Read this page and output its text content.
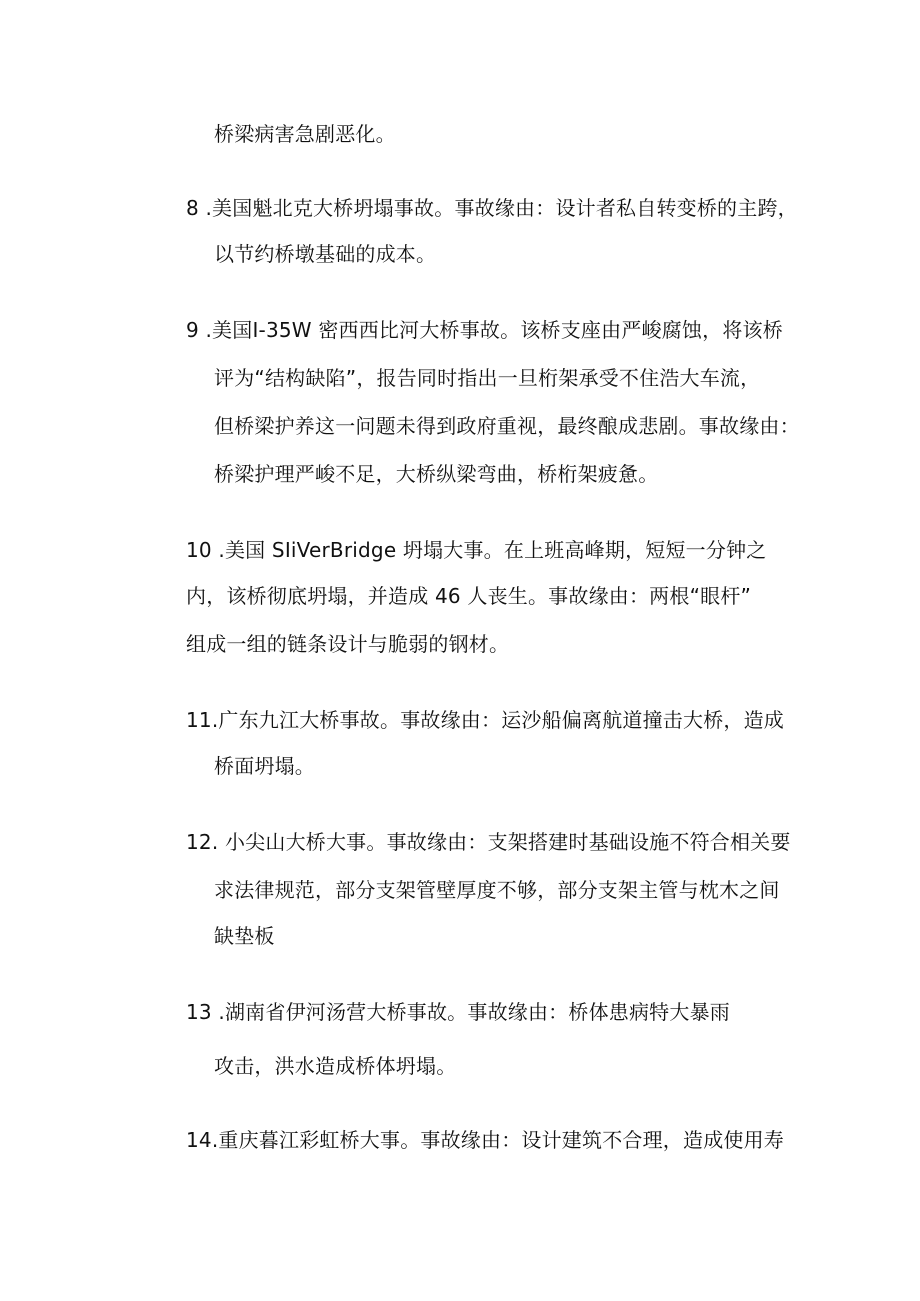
桥梁病害急剧恶化。
8 .美国魁北克大桥坍塌事故。事故缘由：设计者私自转变桥的主跨，
以节约桥墩基础的成本。
9 .美国I-35W 密西西比河大桥事故。该桥支座由严峻腐蚀，将该桥
评为“结构缺陷”，报告同时指出一旦桁架承受不住浩大车流，
但桥梁护养这一问题未得到政府重视，最终酿成悲剧。事故缘由：
桥梁护理严峻不足，大桥纵梁弯曲，桥桁架疲惫。
10 .美国 SIiVerBridge 坍塌大事。在上班高峰期，短短一分钟之
内，该桥彻底坍塌，并造成 46 人丧生。事故缘由：两根“眼杆”
组成一组的链条设计与脆弱的钢材。
11.广东九江大桥事故。事故缘由：运沙船偏离航道撞击大桥，造成
桥面坍塌。
12. 小尖山大桥大事。事故缘由：支架搭建时基础设施不符合相关要
求法律规范，部分支架管壁厚度不够，部分支架主管与枕木之间
缺垫板
13 .湖南省伊河汤营大桥事故。事故缘由：桥体患病特大暴雨
攻击，洪水造成桥体坍塌。
14.重庆暮江彩虹桥大事。事故缘由：设计建筑不合理，造成使用寿
